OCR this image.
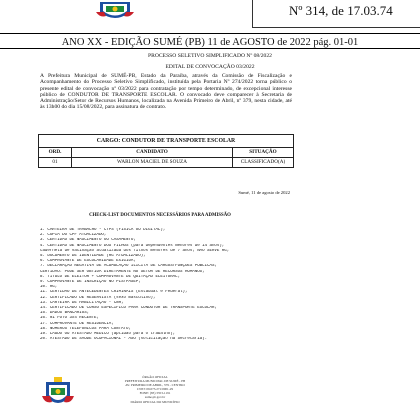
Nº 314, de 17.03.74
ANO XX - EDIÇÃO SUMÉ (PB) 11 de AGOSTO de 2022 pág. 01-01
PROCESSO SELETIVO SIMPLIFICADO Nº 08/2022
EDITAL DE CONVOCAÇÃO 03/2022
A Prefeitura Municipal de SUMÉ-PB, Estado da Paraíba, através da Comissão de Fiscalização e Acompanhamento do Processo Seletivo Simplificado, instituída pela Portaria Nº 274/2022 torna público o presente edital de convocação nº 03/2022 para contratação por tempo determinado, de excepcional interesse público de CONDUTOR DE TRANSPORTE ESCOLAR. O convocado deve comparecer à Secretaria de Administração/Setor de Recursos Humanos, localizada na Avenida Primeiro de Abril, nº 379, nesta cidade, até às 13h00 do dia 15/08/2022, para assinatura de contrato.
CARGO: CONDUTOR DE TRANSPORTE ESCOLAR
ORD.	CANDIDATO	SITUAÇÃO
01	WARLON MACIEL DE SOUZA	CLASSIFICADO(A)
Sumé, 11 de agosto de 2022
CHECK-LIST DOCUMENTOS NECESSÁRIOS PARA ADMISSÃO
1. CARTEIRA DE TRABALHO - CTPS (FÍSICA OU DIGITAL);
2. CÓPIA DO CPF ATUALIZADO;
3. CERTIDÃO DE NASCIMENTO OU CASAMENTO;
4. CERTIDÃO DE NASCIMENTO DOS FILHOS (para dependentes menores de 14 anos);
caderneta de vacinação atualizada dos filhos menores de 7 anos; NÃO SERVE RG;
5. DOCUMENTO DE IDENTIDADE (RG ATUALIZADO);
6. COMPROVANTE DE ESCOLARIDADE EXIGIDA;
7. DECLARAÇÃO NEGATIVA DE ACUMULAÇÃO ILÍCITA DE CARGOS/FUNÇÕES PÚBLICAS;
CERTIDÃO: PODE SER OBTIDA DIRETAMENTE NO SETOR DE RECURSOS HUMANOS;
8. TÍTULO DE ELEITOR + COMPROVANTE DE QUITAÇÃO ELEITORAL;
9. COMPROVANTE DE INSCRIÇÃO NO PIS/PASEP;
10. RG;
11. CERTIDÃO DE ANTECEDENTES CRIMINAIS (Estadual e Federal);
12. CERTIFICADO DE RESERVISTA (sexo masculino);
13. CARTEIRA DE HABILITAÇÃO - CNH;
14. CERTIFICADO DE CURSO ESPECÍFICO PARA CONDUTOR DE TRANSPORTE ESCOLAR;
15. DADOS BANCÁRIOS;
16. 01 FOTO 3x4 RECENTE;
17. COMPROVANTE DE RESIDÊNCIA;
18. NÚMEROS TELEFÔNICOS PARA CONTATO;
19. LAUDO OU ATESTADO MÉDICO (aptidão para o trabalho);
20. ATESTADO DE SAÚDE OCUPACIONAL - ASO (solicitação na Secretaria).
ÓRGÃO OFICIAL
PREFEITURA MUNICIPAL DE SUMÉ - PB
AV. PRIMEIRO DE ABRIL, 379 - CENTRO
CNPJ: 09.073.271/0001-29
FONE: (83) 3353-1191
sume.pb.gov.br
DIÁRIO OFICIAL DO MUNICÍPIO
